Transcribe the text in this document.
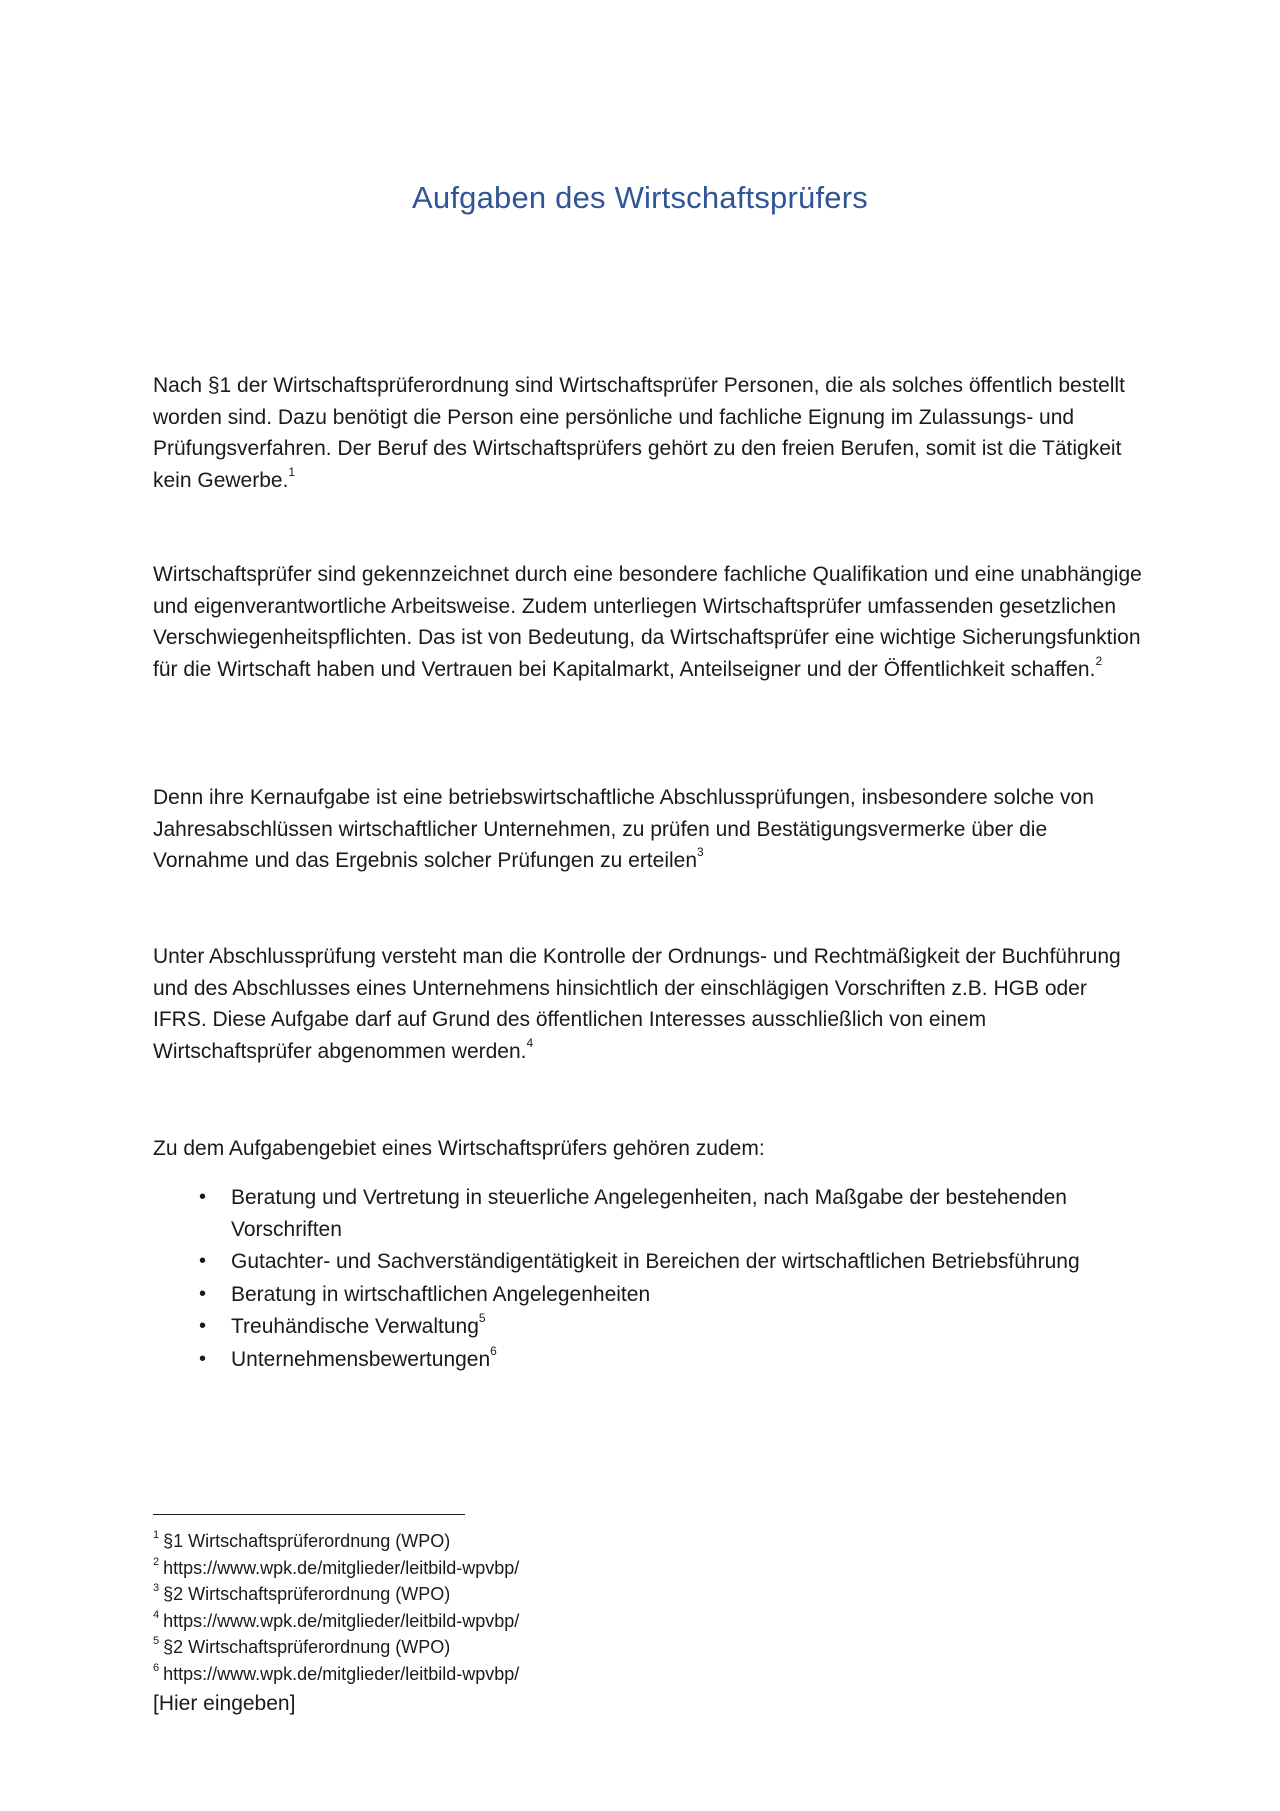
Aufgaben des Wirtschaftsprüfers

Nach §1 der Wirtschaftsprüferordnung sind Wirtschaftsprüfer Personen, die als solches öffentlich bestellt worden sind. Dazu benötigt die Person eine persönliche und fachliche Eignung im Zulassungs- und Prüfungsverfahren. Der Beruf des Wirtschaftsprüfers gehört zu den freien Berufen, somit ist die Tätigkeit kein Gewerbe.$^1$

Wirtschaftsprüfer sind gekennzeichnet durch eine besondere fachliche Qualifikation und eine unabhängige und eigenverantwortliche Arbeitsweise. Zudem unterliegen Wirtschaftsprüfer umfassenden gesetzlichen Verschwiegenheitspflichten. Das ist von Bedeutung, da Wirtschaftsprüfer eine wichtige Sicherungsfunktion für die Wirtschaft haben und Vertrauen bei Kapitalmarkt, Anteilseigner und der Öffentlichkeit schaffen.$^2$

Denn ihre Kernaufgabe ist eine betriebswirtschaftliche Abschlussprüfungen, insbesondere solche von Jahresabschlüssen wirtschaftlicher Unternehmen, zu prüfen und Bestätigungsvermerke über die Vornahme und das Ergebnis solcher Prüfungen zu erteilen$^3$

Unter Abschlussprüfung versteht man die Kontrolle der Ordnungs- und Rechtmäßigkeit der Buchführung und des Abschlusses eines Unternehmens hinsichtlich der einschlägigen Vorschriften z.B. HGB oder IFRS. Diese Aufgabe darf auf Grund des öffentlichen Interesses ausschließlich von einem Wirtschaftsprüfer abgenommen werden.$^4$

Zu dem Aufgabengebiet eines Wirtschaftsprüfers gehören zudem:

• Beratung und Vertretung in steuerliche Angelegenheiten, nach Maßgabe der bestehenden Vorschriften
• Gutachter- und Sachverständigentätigkeit in Bereichen der wirtschaftlichen Betriebsführung
• Beratung in wirtschaftlichen Angelegenheiten
• Treuhändische Verwaltung$^5$
• Unternehmensbewertungen$^6$
$^1$ §1 Wirtschaftsprüferordnung (WPO)
$^2$ https://www.wpk.de/mitglieder/leitbild-wpvbp/
$^3$ §2 Wirtschaftsprüferordnung (WPO)
$^4$ https://www.wpk.de/mitglieder/leitbild-wpvbp/
$^5$ §2 Wirtschaftsprüferordnung (WPO)
$^6$ https://www.wpk.de/mitglieder/leitbild-wpvbp/

[Hier eingeben]
